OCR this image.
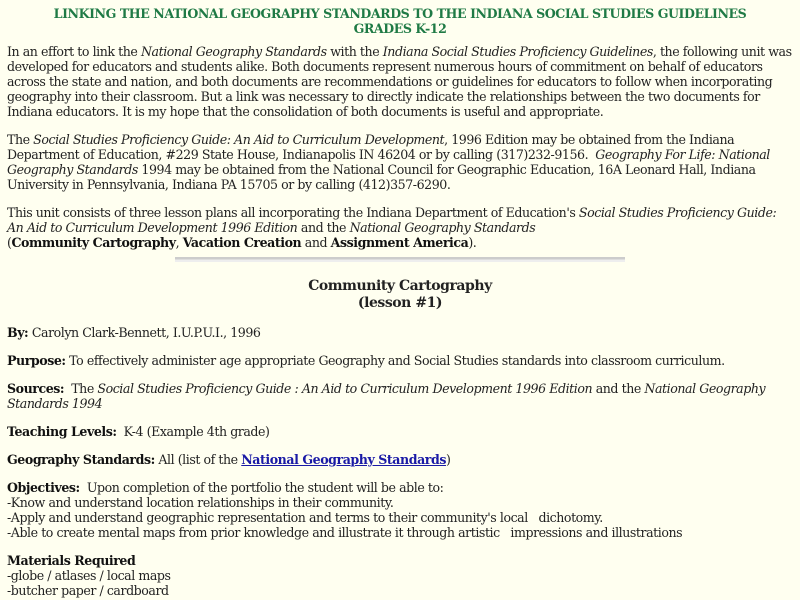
LINKING THE NATIONAL GEOGRAPHY STANDARDS TO THE INDIANA SOCIAL STUDIES GUIDELINES
GRADES K-12

In an effort to link the National Geography Standards with the Indiana Social Studies Proficiency Guidelines, the following unit was developed for educators and students alike. Both documents represent numerous hours of commitment on behalf of educators across the state and nation, and both documents are recommendations or guidelines for educators to follow when incorporating geography into their classroom. But a link was necessary to directly indicate the relationships between the two documents for Indiana educators. It is my hope that the consolidation of both documents is useful and appropriate.

The Social Studies Proficiency Guide: An Aid to Curriculum Development, 1996 Edition may be obtained from the Indiana Department of Education, #229 State House, Indianapolis IN 46204 or by calling (317)232-9156.  Geography For Life: National Geography Standards 1994 may be obtained from the National Council for Geographic Education, 16A Leonard Hall, Indiana University in Pennsylvania, Indiana PA 15705 or by calling (412)357-6290.

This unit consists of three lesson plans all incorporating the Indiana Department of Education's Social Studies Proficiency Guide: An Aid to Curriculum Development 1996 Edition and the National Geography Standards
(Community Cartography, Vacation Creation and Assignment America).

Community Cartography
(lesson #1)

By: Carolyn Clark-Bennett, I.U.P.U.I., 1996

Purpose: To effectively administer age appropriate Geography and Social Studies standards into classroom curriculum.

Sources:  The Social Studies Proficiency Guide : An Aid to Curriculum Development 1996 Edition and the National Geography Standards 1994

Teaching Levels:  K-4 (Example 4th grade)

Geography Standards: All (list of the National Geography Standards)

Objectives:  Upon completion of the portfolio the student will be able to:
-Know and understand location relationships in their community.
-Apply and understand geographic representation and terms to their community's local   dichotomy.
-Able to create mental maps from prior knowledge and illustrate it through artistic   impressions and illustrations

Materials Required
-globe / atlases / local maps
-butcher paper / cardboard
